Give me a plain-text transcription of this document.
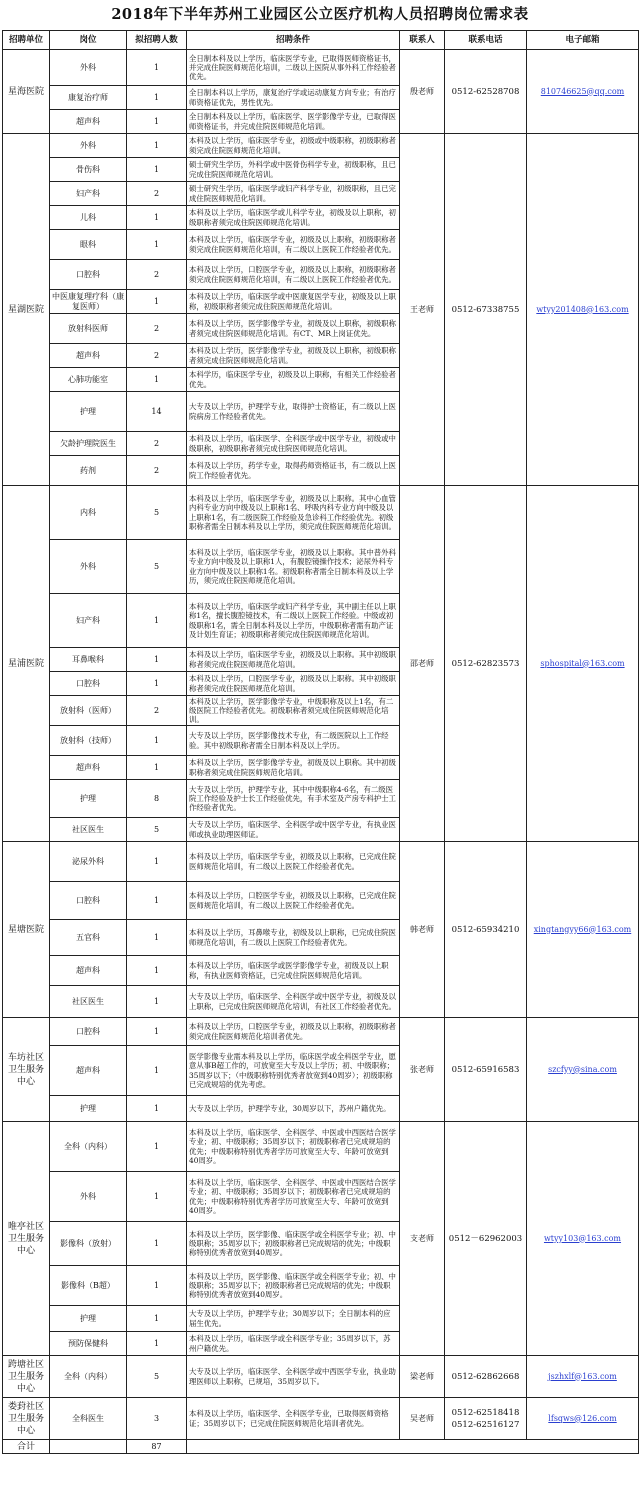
2018年下半年苏州工业园区公立医疗机构人员招聘岗位需求表
招聘单位	岗位	拟招聘人数	招聘条件	联系人	联系电话	电子邮箱
星海医院	外科	1	全日制本科及以上学历，临床医学专业，已取得医师资格证书，并完成住院医师规范化培训，二级以上医院从事外科工作经验者优先。	殷老师	0512-62528708	810746625@qq.com
	康复治疗师	1	全日制本科以上学历，康复治疗学或运动康复方向专业；有治疗师资格证优先，男性优先。			
	超声科	1	全日制本科及以上学历，临床医学、医学影像学专业，已取得医师资格证书，并完成住院医师规范化培训。			
星湖医院	外科	1	本科及以上学历，临床医学专业，初级或中级职称，初级职称者须完成住院医师规范化培训。	王老师	0512-67338755	wtyy201408@163.com
	骨伤科	1	硕士研究生学历，外科学或中医骨伤科学专业，初级职称，且已完成住院医师规范化培训。			
	妇产科	2	硕士研究生学历，临床医学或妇产科学专业，初级职称，且已完成住院医师规范化培训。			
	儿科	1	本科及以上学历，临床医学或儿科学专业，初级及以上职称，初级职称者须完成住院医师规范化培训。			
	眼科	1	本科及以上学历，临床医学专业，初级及以上职称，初级职称者须完成住院医师规范化培训，有二级以上医院工作经验者优先。			
	口腔科	2	本科及以上学历，口腔医学专业，初级及以上职称，初级职称者须完成住院医师规范化培训，有二级以上医院工作经验者优先。			
	中医康复理疗科（康复医师）	1	本科及以上学历，临床医学或中医康复医学专业，初级及以上职称，初级职称者须完成住院医师规范化培训。			
	放射科医师	2	本科及以上学历，医学影像学专业，初级及以上职称，初级职称者须完成住院医师规范化培训。有CT、MR上岗证优先。			
	超声科	2	本科及以上学历，医学影像学专业，初级及以上职称，初级职称者须完成住院医师规范化培训。			
	心肺功能室	1	本科学历，临床医学专业，初级及以上职称，有相关工作经验者优先。			
	护理	14	大专及以上学历，护理学专业，取得护士资格证，有二级以上医院病房工作经验者优先。			
	欠龄护理院医生	2	本科及以上学历，临床医学、全科医学或中医学专业，初级或中级职称，初级职称者须完成住院医师规范化培训。			
	药剂	2	本科及以上学历，药学专业，取得药师资格证书，有二级以上医院工作经验者优先。			
星浦医院	内科	5	本科及以上学历，临床医学专业，初级及以上职称。其中心血管内科专业方向中级及以上职称1名、呼吸内科专业方向中级及以上职称1名，有二级医院工作经验及急诊科工作经验优先。初级职称者需全日制本科及以上学历，须完成住院医师规范化培训。	邵老师	0512-62823573	sphospital@163.com
	外科	5	本科及以上学历，临床医学专业，初级及以上职称。其中普外科专业方向中级及以上职称1人，有腹腔镜操作技术；泌尿外科专业方向中级及以上职称1名。初级职称者需全日制本科及以上学历，须完成住院医师规范化培训。			
	妇产科	1	本科及以上学历，临床医学或妇产科学专业，其中副主任以上职称1名，擅长腹腔镜技术，有二级以上医院工作经验。中级或初级职称1名，需全日制本科及以上学历，中级职称者需有助产证及计划生育证；初级职称者须完成住院医师规范化培训。			
	耳鼻喉科	1	本科及以上学历，临床医学专业，初级及以上职称。其中初级职称者须完成住院医师规范化培训。			
	口腔科	1	本科及以上学历，口腔医学专业，初级及以上职称。其中初级职称者须完成住院医师规范化培训。			
	放射科（医师）	2	本科及以上学历，医学影像学专业，中级职称及以上1名，有二级医院工作经验者优先。初级职称者须完成住院医师规范化培训。			
	放射科（技师）	1	大专及以上学历，医学影像技术专业，有二级医院以上工作经验。其中初级职称者需全日制本科及以上学历。			
	超声科	1	本科及以上学历，医学影像学专业，初级及以上职称。其中初级职称者须完成住院医师规范化培训。			
	护理	8	大专及以上学历，护理学专业，其中中级职称4-6名，有二级医院工作经验及护士长工作经验优先，有手术室及产房专科护士工作经验者优先。			
	社区医生	5	大专及以上学历，临床医学、全科医学或中医学专业，有执业医师或执业助理医师证。			
星塘医院	泌尿外科	1	本科及以上学历，临床医学专业，初级及以上职称，已完成住院医师规范化培训，有二级以上医院工作经验者优先。	韩老师	0512-65934210	xingtangyy66@163.com
	口腔科	1	本科及以上学历，口腔医学专业，初级及以上职称，已完成住院医师规范化培训，有二级以上医院工作经验者优先。			
	五官科	1	本科及以上学历，耳鼻喉专业，初级及以上职称，已完成住院医师规范化培训，有二级以上医院工作经验者优先。			
	超声科	1	本科及以上学历，临床医学或医学影像学专业，初级及以上职称，有执业医师资格证，已完成住院医师规范化培训。			
	社区医生	1	大专及以上学历，临床医学、全科医学或中医学专业，初级及以上职称，已完成住院医师规范化培训，有社区工作经验者优先。			
车坊社区卫生服务中心	口腔科	1	本科及以上学历，口腔医学专业，初级及以上职称，初级职称者须完成住院医师规范化培训者优先。	张老师	0512-65916583	szcfyy@sina.com
	超声科	1	医学影像专业需本科及以上学历，临床医学或全科医学专业，愿意从事B超工作的，可放宽至大专及以上学历；初、中级职称；35周岁以下；（中级职称特别优秀者放宽到40周岁）；初级职称已完成规培的优先考虑。			
	护理	1	大专及以上学历，护理学专业，30周岁以下，苏州户籍优先。			
唯亭社区卫生服务中心	全科（内科）	1	本科及以上学历，临床医学、全科医学、中医或中西医结合医学专业；初、中级职称；35周岁以下；初级职称者已完成规培的优先；中级职称特别优秀者学历可放宽至大专、年龄可放宽到40周岁。	支老师	0512－62962003	wtyy103@163.com
	外科	1	本科及以上学历，临床医学、全科医学、中医或中西医结合医学专业；初、中级职称；35周岁以下；初级职称者已完成规培的优先；中级职称特别优秀者学历可放宽至大专、年龄可放宽到40周岁。			
	影像科（放射）	1	本科及以上学历，医学影像、临床医学或全科医学专业；初、中级职称；35周岁以下；初级职称者已完成规培的优先；中级职称特别优秀者放宽到40周岁。			
	影像科（B超）	1	本科及以上学历，医学影像、临床医学或全科医学专业；初、中级职称；35周岁以下；初级职称者已完成规培的优先；中级职称特别优秀者放宽到40周岁。			
	护理	1	大专及以上学历，护理学专业；30周岁以下；全日制本科的应届生优先。			
	预防保健科	1	本科及以上学历，临床医学或全科医学专业；35周岁以下，苏州户籍优先。			
跨塘社区卫生服务中心	全科（内科）	5	大专及以上学历，临床医学、全科医学或中西医学专业，执业助理医师以上职称，已规培，35周岁以下。	梁老师	0512-62862668	jszhxlf@163.com
娄葑社区卫生服务中心	全科医生	3	本科及以上学历，临床医学、全科医学专业，已取得医师资格证；35周岁以下；已完成住院医师规范化培训者优先。	吴老师	0512-62518418 0512-62516127	lfsqws@126.com
合计		87				
